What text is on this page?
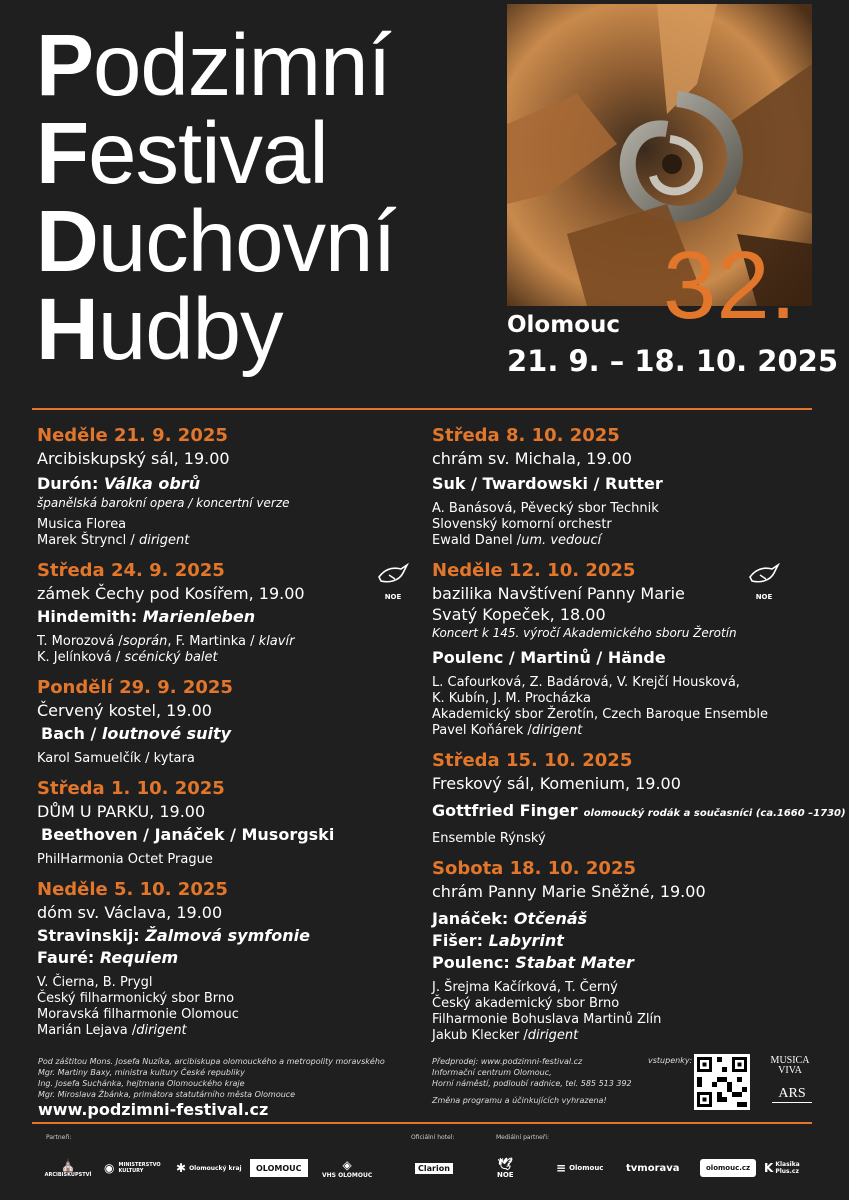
Podzimní
Festival
Duchovní
Hudby	32.
Olomouc
21. 9. – 18. 10. 2025
Neděle 21. 9. 2025
Arcibiskupský sál, 19.00
Durón: Válka obrů
španělská barokní opera / koncertní verze
Musica Florea
Marek Štryncl / dirigent
Středa 24. 9. 2025
zámek Čechy pod Kosířem, 19.00
Hindemith: Marienleben
T. Morozová /soprán, F. Martinka / klavír
K. Jelínková / scénický balet
NOE
Pondělí 29. 9. 2025
Červený kostel, 19.00
Bach / loutnové suity
Karol Samuelčík / kytara
Středa 1. 10. 2025
DŮM U PARKU, 19.00
Beethoven / Janáček / Musorgski
PhilHarmonia Octet Prague
Neděle 5. 10. 2025
dóm sv. Václava, 19.00
Stravinskij: Žalmová symfonie
Fauré: Requiem
V. Čierna, B. Prygl
Český filharmonický sbor Brno
Moravská filharmonie Olomouc
Marián Lejava /dirigent
Středa 8. 10. 2025
chrám sv. Michala, 19.00
Suk / Twardowski / Rutter
A. Banásová, Pěvecký sbor Technik
Slovenský komorní orchestr
Ewald Danel /um. vedoucí
Neděle 12. 10. 2025
bazilika Navštívení Panny Marie
Svatý Kopeček, 18.00
Koncert k 145. výročí Akademického sboru Žerotín
Poulenc / Martinů / Hände
L. Cafourková, Z. Badárová, V. Krejčí Housková,
K. Kubín, J. M. Procházka
Akademický sbor Žerotín, Czech Baroque Ensemble
Pavel Koňárek /dirigent
NOE
Středa 15. 10. 2025
Freskový sál, Komenium, 19.00
Gottfried Finger olomoucký rodák a současníci (ca.1660 –1730)
Ensemble Rýnský
Sobota 18. 10. 2025
chrám Panny Marie Sněžné, 19.00
Janáček: Otčenáš
Fišer: Labyrint
Poulenc: Stabat Mater
J. Šrejma Kačírková, T. Černý
Český akademický sbor Brno
Filharmonie Bohuslava Martinů Zlín
Jakub Klecker /dirigent
Pod záštitou Mons. Josefa Nuzíka, arcibiskupa olomouckého a metropolity moravského
Mgr. Martiny Baxy, ministra kultury České republiky
Ing. Josefa Suchánka, hejtmana Olomouckého kraje
Mgr. Miroslava Žbánka, primátora statutárního města Olomouce
www.podzimni-festival.cz
Předprodej: www.podzimni-festival.cz
Informační centrum Olomouc,
Horní náměstí, podloubí radnice, tel. 585 513 392
Změna programu a účinkujících vyhrazena!
vstupenky:	MUSICA
VIVA
ARS
Partneři:	Oficiální hotel:	Mediální partneři:
⛪
ARCIBISKUPSTVÍ ◉ MINISTERSTVO KULTURY	✱ Olomoucký kraj OLOMOUC	◈
VHS OLOMOUC
Clarion	🕊
NOE	≡ Olomouc tvmorava	olomouc.cz K Klasika Plus.cz
